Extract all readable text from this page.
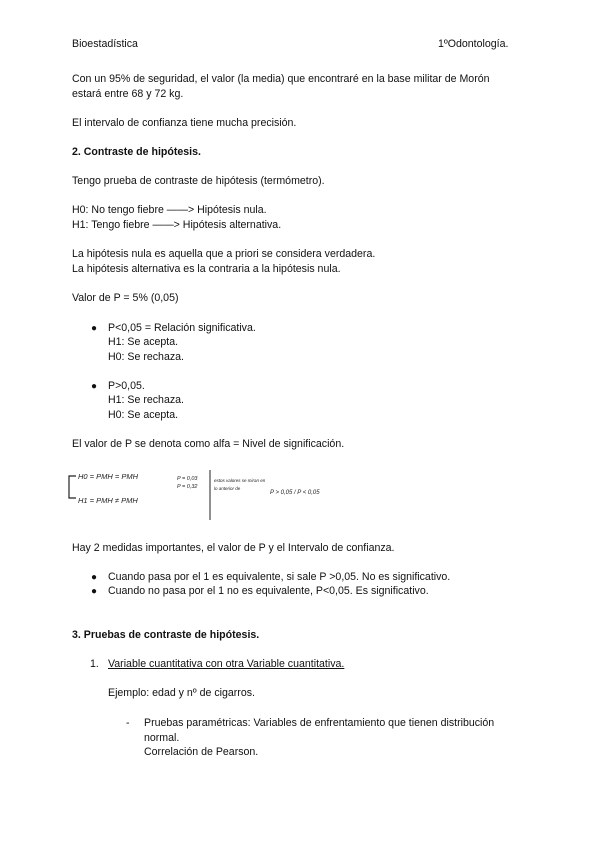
Bioestadística	1ºOdontología.
Con un 95% de seguridad, el valor (la media) que encontraré en la base militar de Morón
estará entre 68 y 72 kg.
El intervalo de confianza tiene mucha precisión.
2. Contraste de hipótesis.
Tengo prueba de contraste de hipótesis (termómetro).
H0: No tengo fiebre ——> Hipótesis nula.
H1: Tengo fiebre ——> Hipótesis alternativa.
La hipótesis nula es aquella que a priori se considera verdadera.
La hipótesis alternativa es la contraria a la hipótesis nula.
Valor de P = 5% (0,05)
● P<0,05 = Relación significativa.
H1: Se acepta.
H0: Se rechaza.
● P>0,05.
H1: Se rechaza.
H0: Se acepta.
El valor de P se denota como alfa = Nivel de significación.
H0 = PMH = PMH
H1 = PMH ≠ PMH
P = 0,03
P = 0,32
estos valores se miran en
lo anterior de
P > 0,05 / P < 0,05
Hay 2 medidas importantes, el valor de P y el Intervalo de confianza.
● Cuando pasa por el 1 es equivalente, si sale P >0,05. No es significativo.
● Cuando no pasa por el 1 no es equivalente, P<0,05. Es significativo.
3. Pruebas de contraste de hipótesis.
1. Variable cuantitativa con otra Variable cuantitativa.
Ejemplo: edad y nº de cigarros.
- Pruebas paramétricas: Variables de enfrentamiento que tienen distribución
normal.
Correlación de Pearson.
